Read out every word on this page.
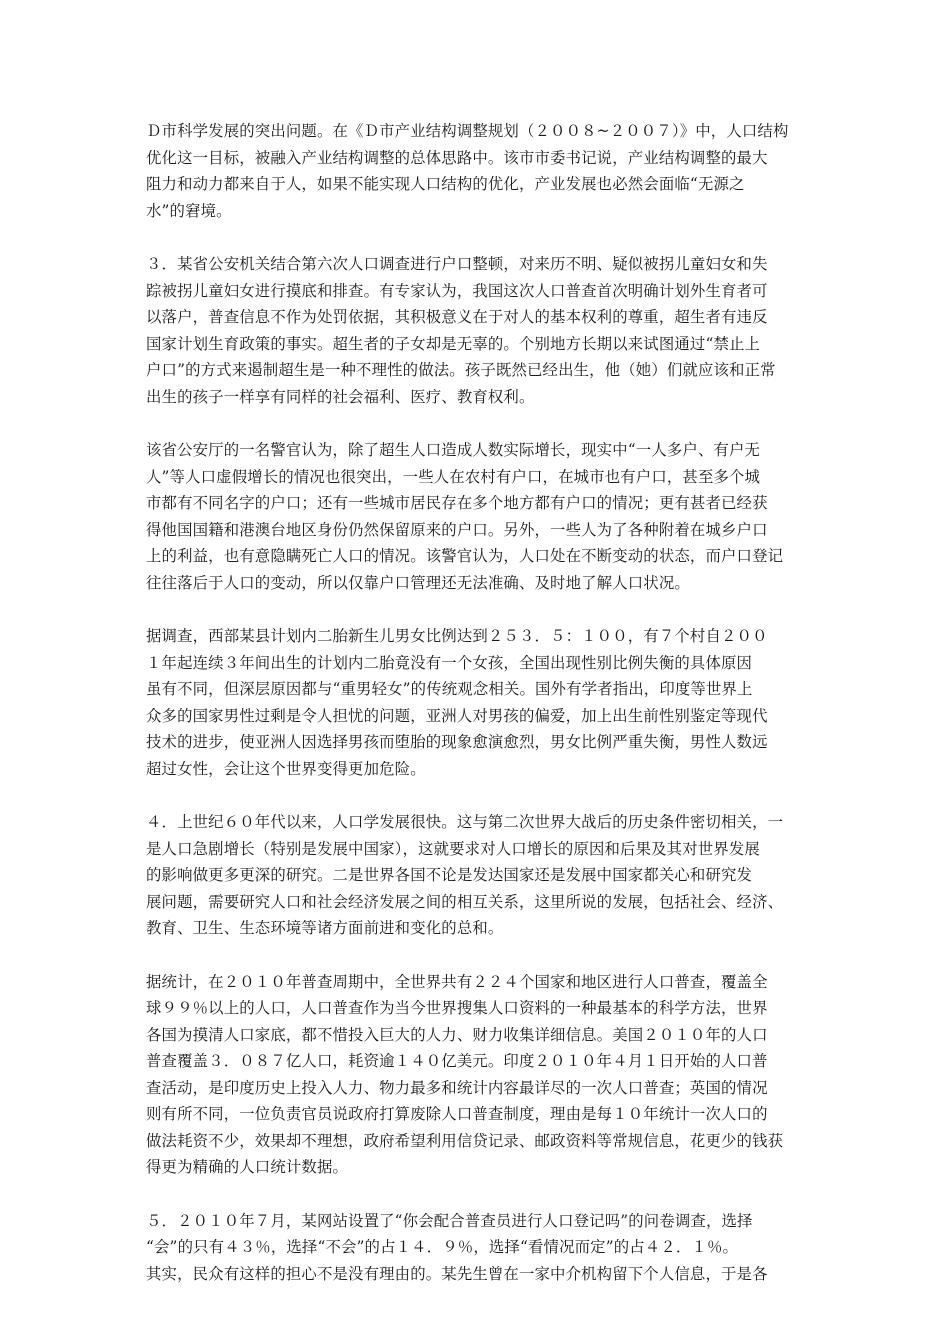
Ｄ市科学发展的突出问题。在《Ｄ市产业结构调整规划（２００８~２００７）》中，人口结构
优化这一目标，被融入产业结构调整的总体思路中。该市市委书记说，产业结构调整的最大
阻力和动力都来自于人，如果不能实现人口结构的优化，产业发展也必然会面临“无源之
水”的窘境。

３．某省公安机关结合第六次人口调查进行户口整顿，对来历不明、疑似被拐儿童妇女和失
踪被拐儿童妇女进行摸底和排查。有专家认为，我国这次人口普查首次明确计划外生育者可
以落户，普查信息不作为处罚依据，其积极意义在于对人的基本权利的尊重，超生者有违反
国家计划生育政策的事实。超生者的子女却是无辜的。个别地方长期以来试图通过“禁止上
户口”的方式来遏制超生是一种不理性的做法。孩子既然已经出生，他（她）们就应该和正常
出生的孩子一样享有同样的社会福利、医疗、教育权利。

该省公安厅的一名警官认为，除了超生人口造成人数实际增长，现实中“一人多户、有户无
人”等人口虚假增长的情况也很突出，一些人在农村有户口，在城市也有户口，甚至多个城
市都有不同名字的户口；还有一些城市居民存在多个地方都有户口的情况；更有甚者已经获
得他国国籍和港澳台地区身份仍然保留原来的户口。另外，一些人为了各种附着在城乡户口
上的利益，也有意隐瞒死亡人口的情况。该警官认为，人口处在不断变动的状态，而户口登记
往往落后于人口的变动，所以仅靠户口管理还无法准确、及时地了解人口状况。

据调查，西部某县计划内二胎新生儿男女比例达到２５３．５：１００，有７个村自２００
１年起连续３年间出生的计划内二胎竟没有一个女孩，全国出现性别比例失衡的具体原因
虽有不同，但深层原因都与“重男轻女”的传统观念相关。国外有学者指出，印度等世界上
众多的国家男性过剩是令人担忧的问题，亚洲人对男孩的偏爱，加上出生前性别鉴定等现代
技术的进步，使亚洲人因选择男孩而堕胎的现象愈演愈烈，男女比例严重失衡，男性人数远
超过女性，会让这个世界变得更加危险。

４．上世纪６０年代以来，人口学发展很快。这与第二次世界大战后的历史条件密切相关，一
是人口急剧增长（特别是发展中国家），这就要求对人口增长的原因和后果及其对世界发展
的影响做更多更深的研究。二是世界各国不论是发达国家还是发展中国家都关心和研究发
展问题，需要研究人口和社会经济发展之间的相互关系，这里所说的发展，包括社会、经济、
教育、卫生、生态环境等诸方面前进和变化的总和。

据统计，在２０１０年普查周期中，全世界共有２２４个国家和地区进行人口普查，覆盖全
球９９％以上的人口，人口普查作为当今世界搜集人口资料的一种最基本的科学方法，世界
各国为摸清人口家底，都不惜投入巨大的人力、财力收集详细信息。美国２０１０年的人口
普查覆盖３．０８７亿人口，耗资逾１４０亿美元。印度２０１０年４月１日开始的人口普
查活动，是印度历史上投入人力、物力最多和统计内容最详尽的一次人口普查；英国的情况
则有所不同，一位负责官员说政府打算废除人口普查制度，理由是每１０年统计一次人口的
做法耗资不少，效果却不理想，政府希望利用信贷记录、邮政资料等常规信息，花更少的钱获
得更为精确的人口统计数据。

５．２０１０年７月，某网站设置了“你会配合普查员进行人口登记吗”的问卷调查，选择
“会”的只有４３％，选择“不会”的占１４．９％，选择“看情况而定”的占４２．１％。
其实，民众有这样的担心不是没有理由的。某先生曾在一家中介机构留下个人信息，于是各
